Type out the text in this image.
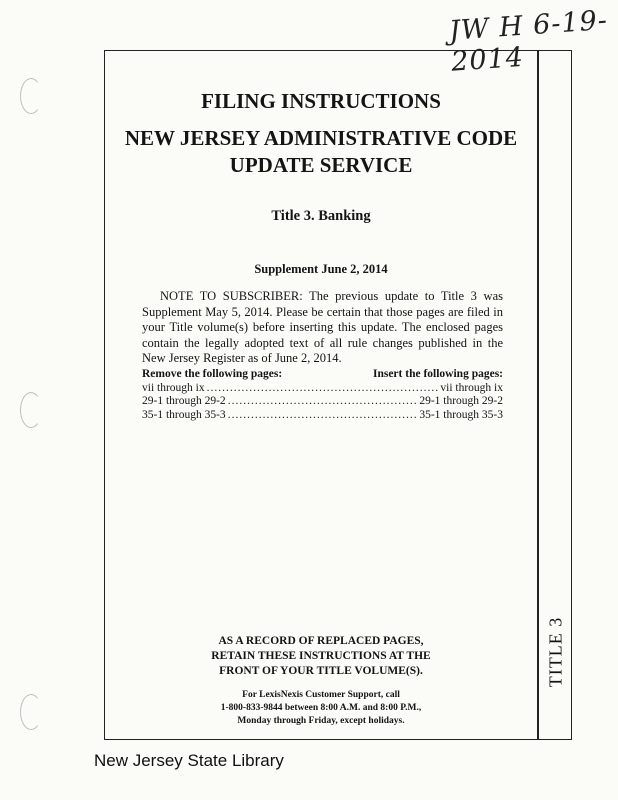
JW H 6-19-2014
TITLE 3
FILING INSTRUCTIONS
NEW JERSEY ADMINISTRATIVE CODE
UPDATE SERVICE
Title 3. Banking
Supplement June 2, 2014
NOTE TO SUBSCRIBER: The previous update to Title 3 was Supplement May 5, 2014. Please be certain that those pages are filed in your Title volume(s) before inserting this update. The enclosed pages contain the legally adopted text of all rule changes published in the New Jersey Register as of June 2, 2014.
Remove the following pages:	Insert the following pages:
vii through ix .....	vii through ix
29-1 through 29-2 .....	29-1 through 29-2
35-1 through 35-3 .....	35-1 through 35-3
AS A RECORD OF REPLACED PAGES,
RETAIN THESE INSTRUCTIONS AT THE
FRONT OF YOUR TITLE VOLUME(S).
For LexisNexis Customer Support, call
1-800-833-9844 between 8:00 A.M. and 8:00 P.M.,
Monday through Friday, except holidays.
New Jersey State Library
